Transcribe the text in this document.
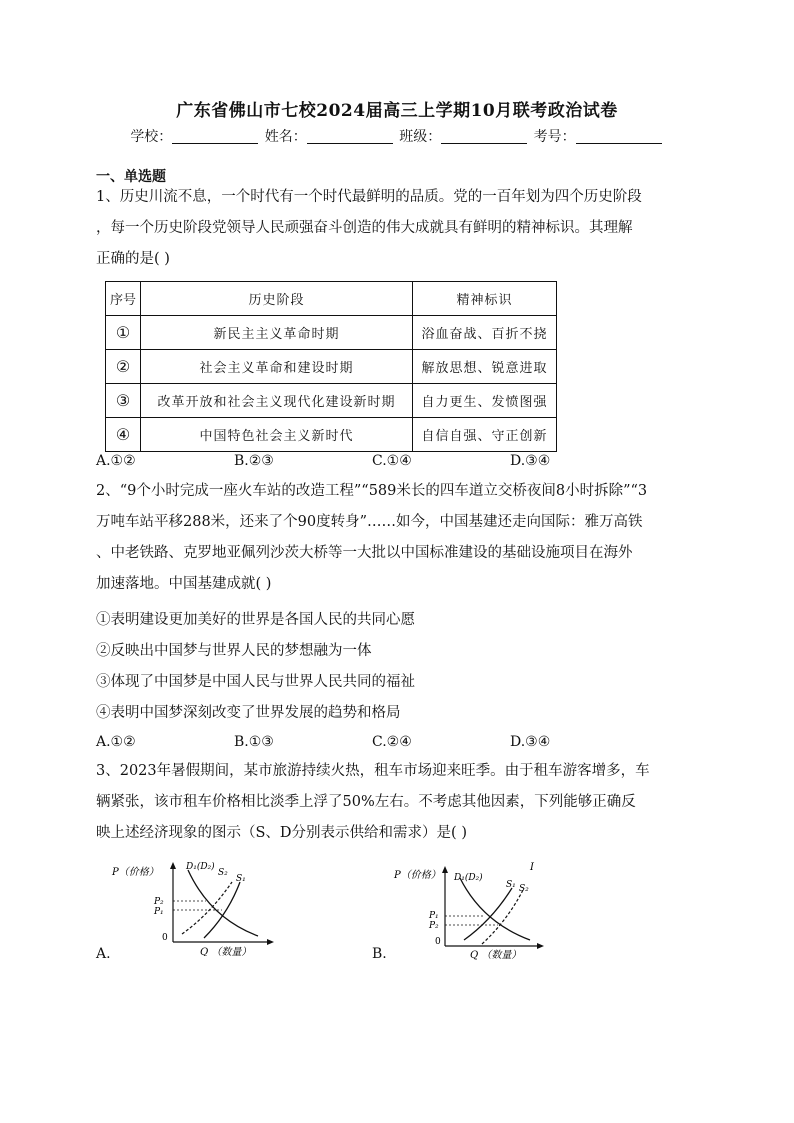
广东省佛山市七校2024届高三上学期10月联考政治试卷
学校：	姓名：	班级：	考号：
一、单选题
1、历史川流不息，一个时代有一个时代最鲜明的品质。党的一百年划为四个历史阶段
，每一个历史阶段党领导人民顽强奋斗创造的伟大成就具有鲜明的精神标识。其理解
正确的是( )
序号	历史阶段	精神标识
①	新民主主义革命时期	浴血奋战、百折不挠
②	社会主义革命和建设时期	解放思想、锐意进取
③	改革开放和社会主义现代化建设新时期	自力更生、发愤图强
④	中国特色社会主义新时代	自信自强、守正创新
A.①②	B.②③	C.①④	D.③④
2、“9个小时完成一座火车站的改造工程”“589米长的四车道立交桥夜间8小时拆除”“3
万吨车站平移288米，还来了个90度转身”……如今，中国基建还走向国际：雅万高铁
、中老铁路、克罗地亚佩列沙茨大桥等一大批以中国标准建设的基础设施项目在海外
加速落地。中国基建成就( )
①表明建设更加美好的世界是各国人民的共同心愿
②反映出中国梦与世界人民的梦想融为一体
③体现了中国梦是中国人民与世界人民共同的福祉
④表明中国梦深刻改变了世界发展的趋势和格局
A.①②	B.①③	C.②④	D.③④
3、2023年暑假期间，某市旅游持续火热，租车市场迎来旺季。由于租车游客增多，车
辆紧张，该市租车价格相比淡季上浮了50%左右。不考虑其他因素，下列能够正确反
映上述经济现象的图示（S、D分别表示供给和需求）是( )
P（价格）
P₂
P₁
0
D₁(D₂)
S₂
S₁
Q （数量）
A.
P（价格）
P₁
P₂
0
D₁(D₂)
S₁ S₂
I
Q （数量）
B.
